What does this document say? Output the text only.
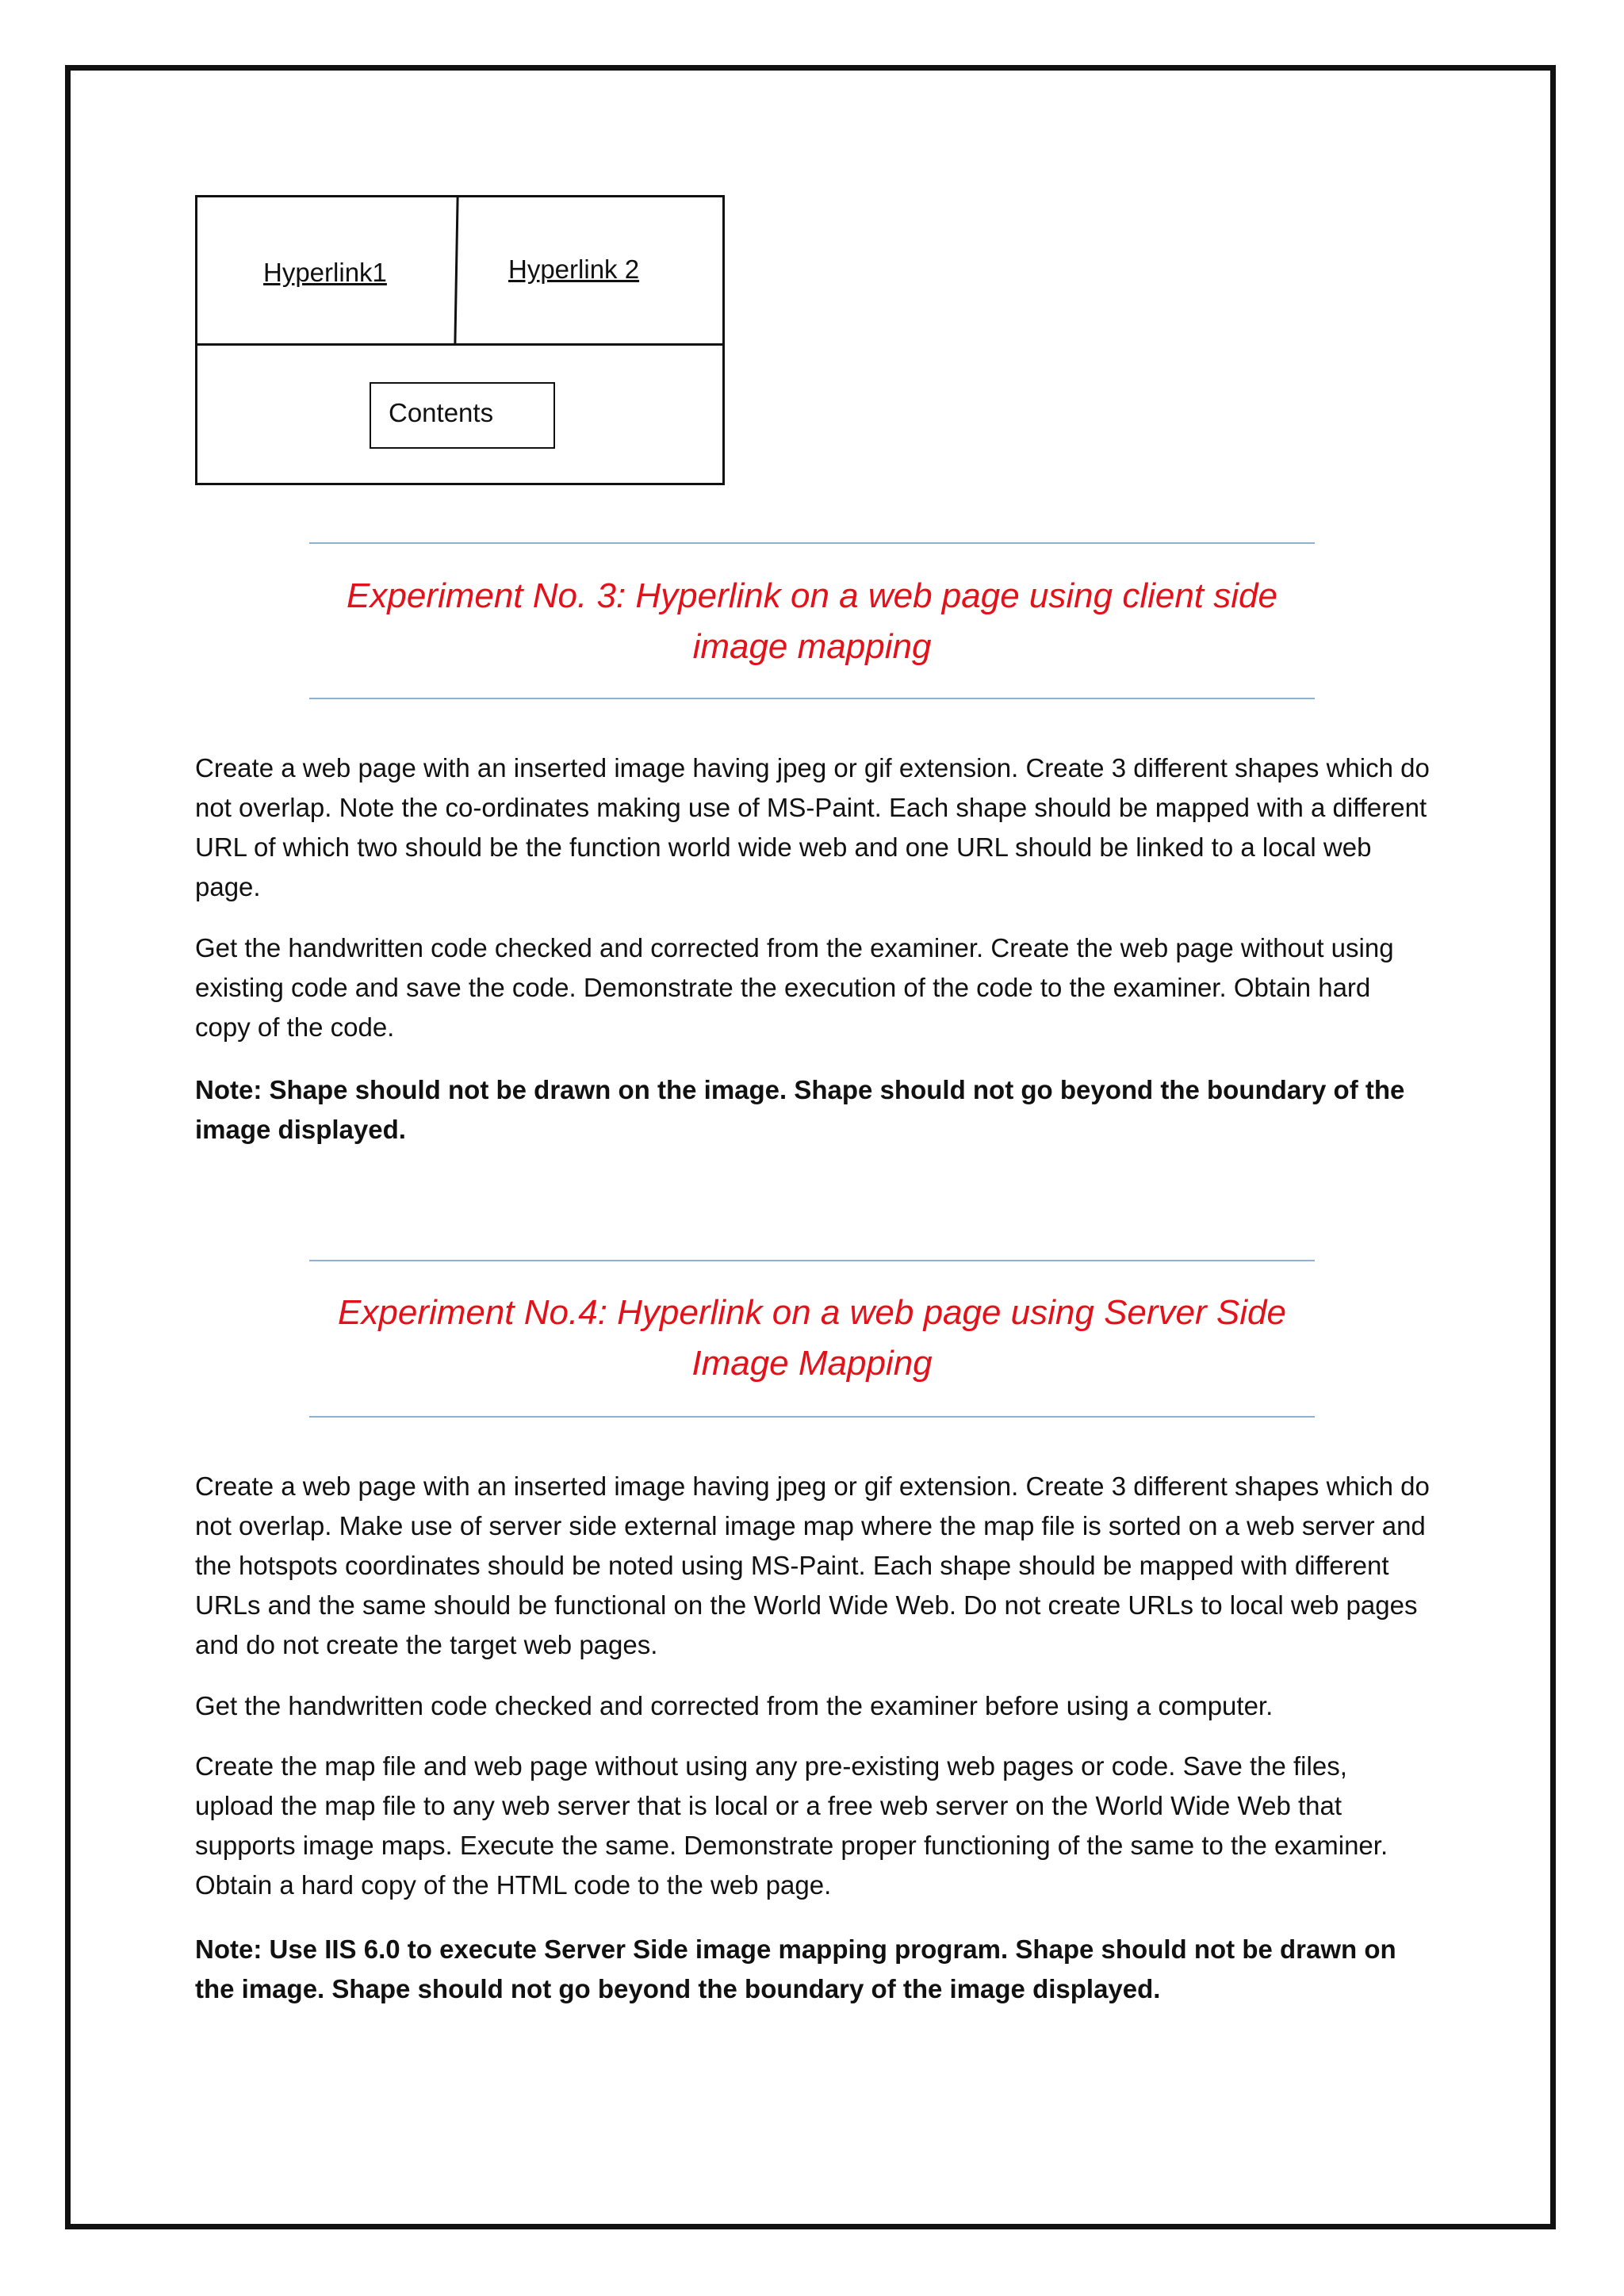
Hyperlink1	Hyperlink 2
Contents
Experiment No. 3: Hyperlink on a web page using client side
image mapping

Create a web page with an inserted image having jpeg or gif extension. Create 3 different shapes which do not overlap. Note the co-ordinates making use of MS-Paint. Each shape should be mapped with a different URL of which two should be the function world wide web and one URL should be linked to a local web page.

Get the handwritten code checked and corrected from the examiner. Create the web page without using existing code and save the code. Demonstrate the execution of the code to the examiner. Obtain hard copy of the code.

Note: Shape should not be drawn on the image. Shape should not go beyond the boundary of the image displayed.

Experiment No.4: Hyperlink on a web page using Server Side
Image Mapping

Create a web page with an inserted image having jpeg or gif extension. Create 3 different shapes which do not overlap. Make use of server side external image map where the map file is sorted on a web server and the hotspots coordinates should be noted using MS-Paint. Each shape should be mapped with different URLs and the same should be functional on the World Wide Web. Do not create URLs to local web pages and do not create the target web pages.

Get the handwritten code checked and corrected from the examiner before using a computer.

Create the map file and web page without using any pre-existing web pages or code. Save the files, upload the map file to any web server that is local or a free web server on the World Wide Web that supports image maps. Execute the same. Demonstrate proper functioning of the same to the examiner. Obtain a hard copy of the HTML code to the web page.

Note: Use IIS 6.0 to execute Server Side image mapping program. Shape should not be drawn on the image. Shape should not go beyond the boundary of the image displayed.
